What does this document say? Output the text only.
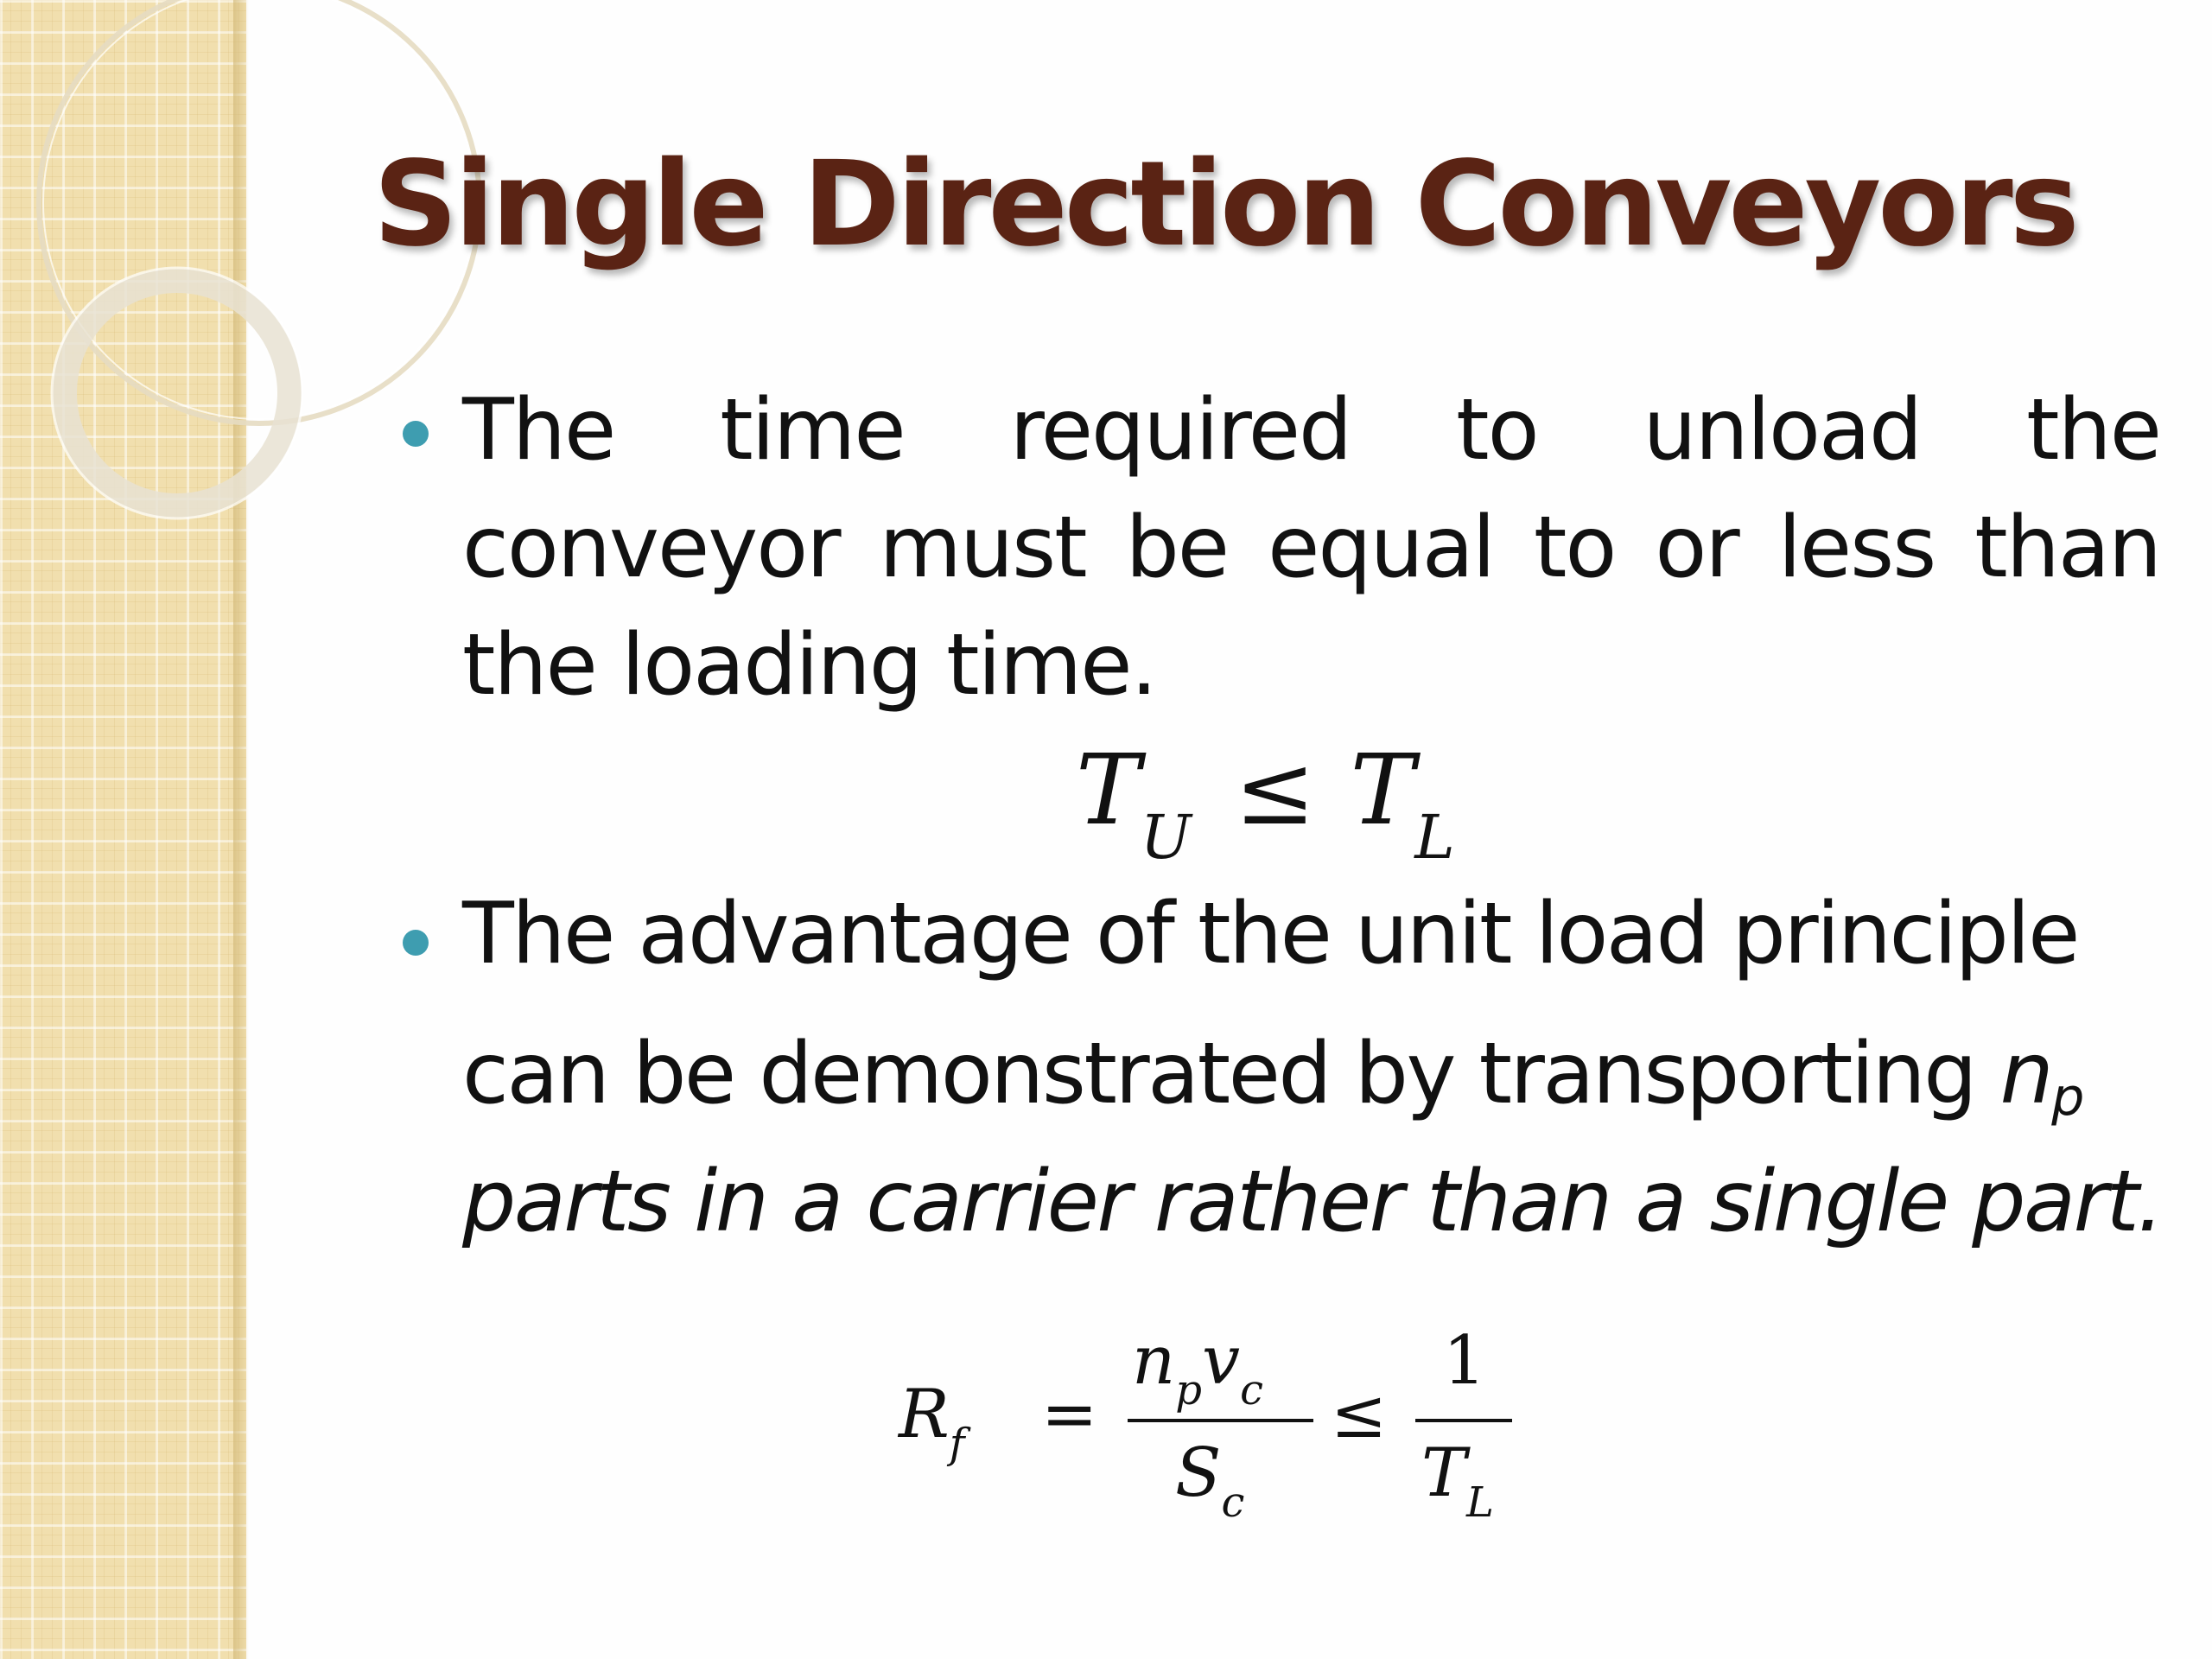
Single Direction Conveyors

The time required to unload the conveyor must be equal to or less than the loading time.

$T_U \le T_L$

The advantage of the unit load principle

can be demonstrated by transporting $n_p$

parts in a carrier rather than a single part.

$R_f$ =
$n_pv_c$
$S_c$
≤
1
$T_L$
